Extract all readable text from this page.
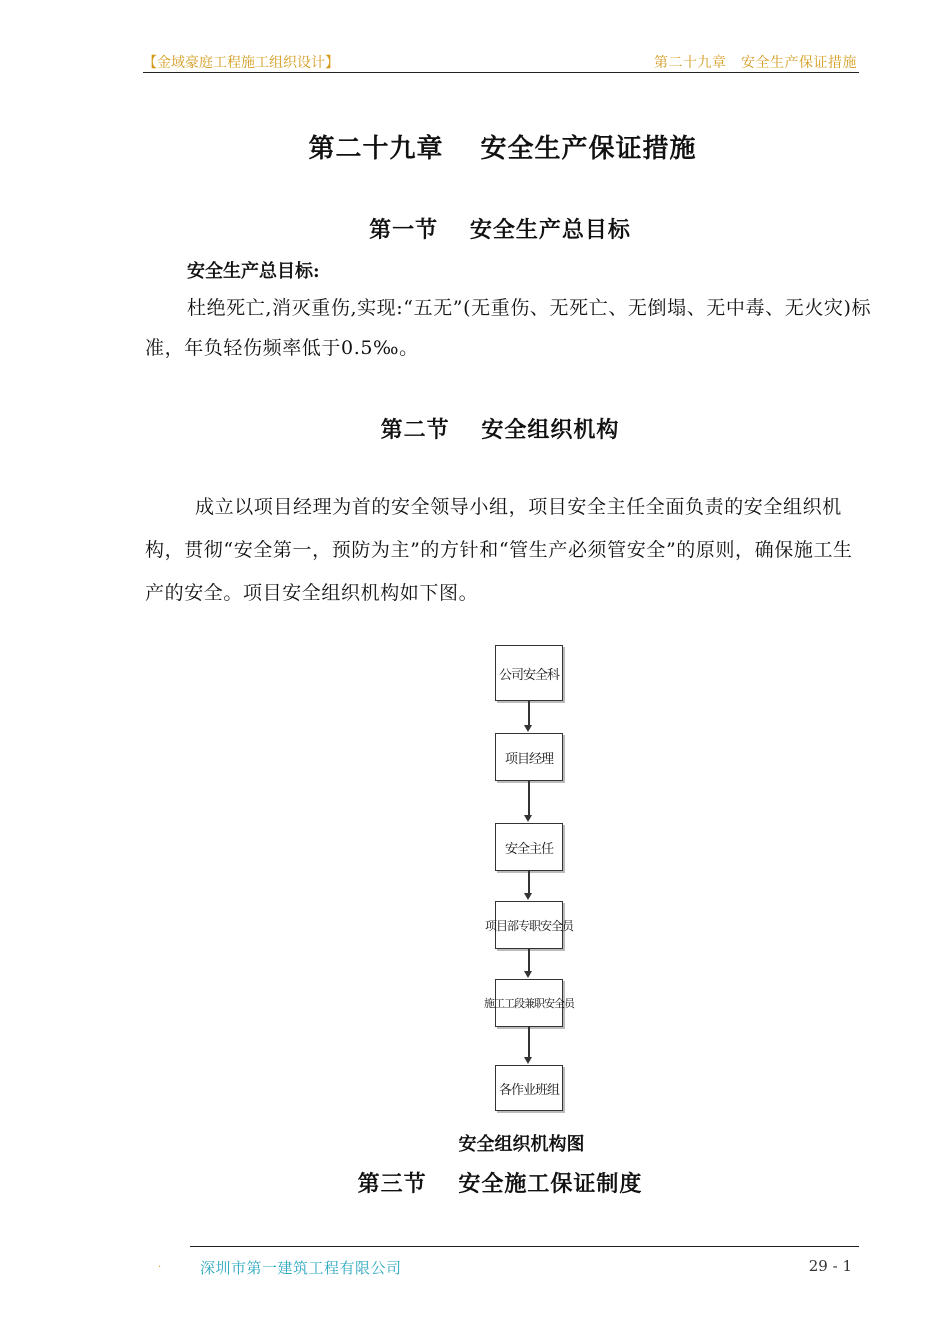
【金域豪庭工程施工组织设计】	第二十九章　安全生产保证措施
第二十九章　 安全生产保证措施
第一节　 安全生产总目标
安全生产总目标:
杜绝死亡,消灭重伤,实现:“五无”(无重伤、无死亡、无倒塌、无中毒、无火灾)标准，年负轻伤频率低于0.5‰。
第二节　 安全组织机构
成立以项目经理为首的安全领导小组，项目安全主任全面负责的安全组织机构，贯彻“安全第一，预防为主”的方针和“管生产必须管安全”的原则，确保施工生产的安全。项目安全组织机构如下图。
公司安全科
项目经理
安全主任
项目部专职安全员
施工工段兼职安全员
各作业班组
安全组织机构图
第三节　 安全施工保证制度
·	深圳市第一建筑工程有限公司	29 - 1
